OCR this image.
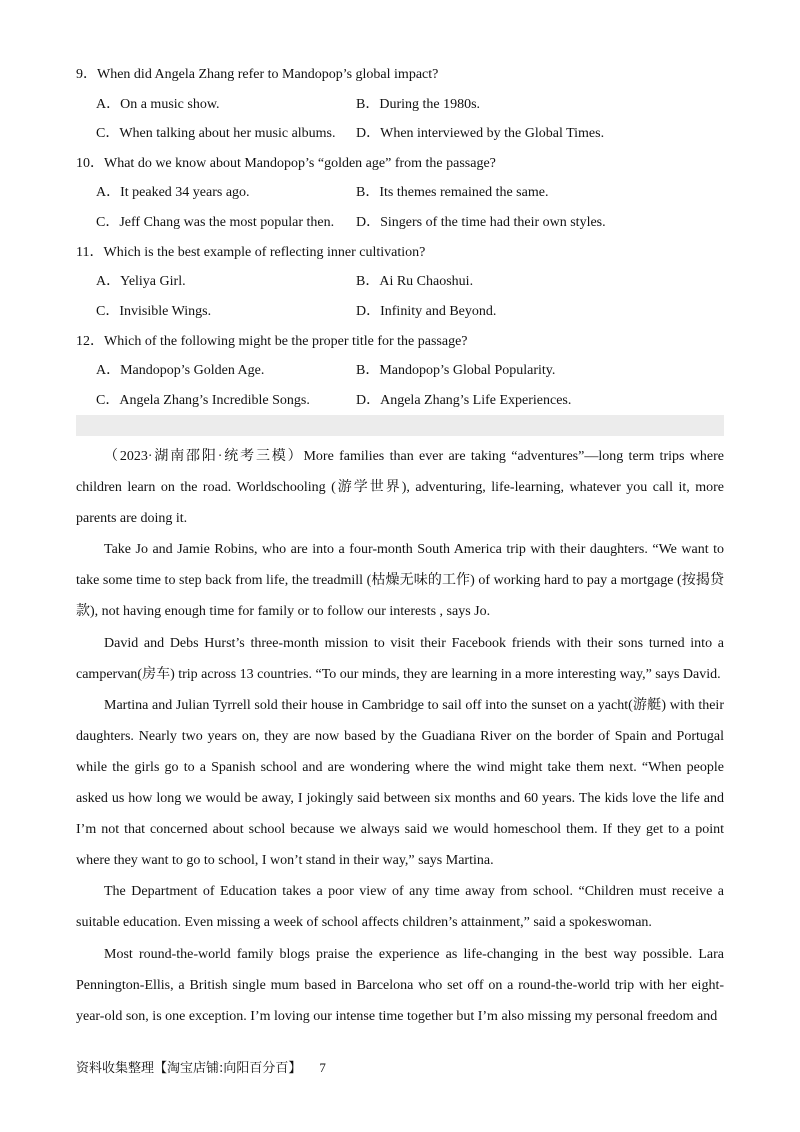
9．When did Angela Zhang refer to Mandopop’s global impact?
A．On a music show.	B．During the 1980s.
C．When talking about her music albums. D．When interviewed by the Global Times.
10．What do we know about Mandopop’s “golden age” from the passage?
A．It peaked 34 years ago.	B．Its themes remained the same.
C．Jeff Chang was the most popular then. D．Singers of the time had their own styles.
11．Which is the best example of reflecting inner cultivation?
A．Yeliya Girl.	B．Ai Ru Chaoshui.
C．Invisible Wings.	D．Infinity and Beyond.
12．Which of the following might be the proper title for the passage?
A．Mandopop’s Golden Age.	B．Mandopop’s Global Popularity.
C．Angela Zhang’s Incredible Songs.	D．Angela Zhang’s Life Experiences.

（2023·湖南邵阳·统考三模）More families than ever are taking “adventures”—long term trips where children learn on the road. Worldschooling (游学世界), adventuring, life-learning, whatever you call it, more parents are doing it.

Take Jo and Jamie Robins, who are into a four-month South America trip with their daughters. “We want to take some time to step back from life, the treadmill (枯燥无味的工作) of working hard to pay a mortgage (按揭贷款), not having enough time for family or to follow our interests , says Jo.

David and Debs Hurst’s three-month mission to visit their Facebook friends with their sons turned into a campervan(房车) trip across 13 countries. “To our minds, they are learning in a more interesting way,” says David.

Martina and Julian Tyrrell sold their house in Cambridge to sail off into the sunset on a yacht(游艇) with their daughters. Nearly two years on, they are now based by the Guadiana River on the border of Spain and Portugal while the girls go to a Spanish school and are wondering where the wind might take them next. “When people asked us how long we would be away, I jokingly said between six months and 60 years. The kids love the life and I’m not that concerned about school because we always said we would homeschool them. If they get to a point where they want to go to school, I won’t stand in their way,” says Martina.

The Department of Education takes a poor view of any time away from school. “Children must receive a suitable education. Even missing a week of school affects children’s attainment,” said a spokeswoman.

Most round-the-world family blogs praise the experience as life-changing in the best way possible. Lara Pennington-Ellis, a British single mum based in Barcelona who set off on a round-the-world trip with her eight-year-old son, is one exception. I’m loving our intense time together but I’m also missing my personal freedom and

资料收集整理【淘宝店铺:向阳百分百】 7
